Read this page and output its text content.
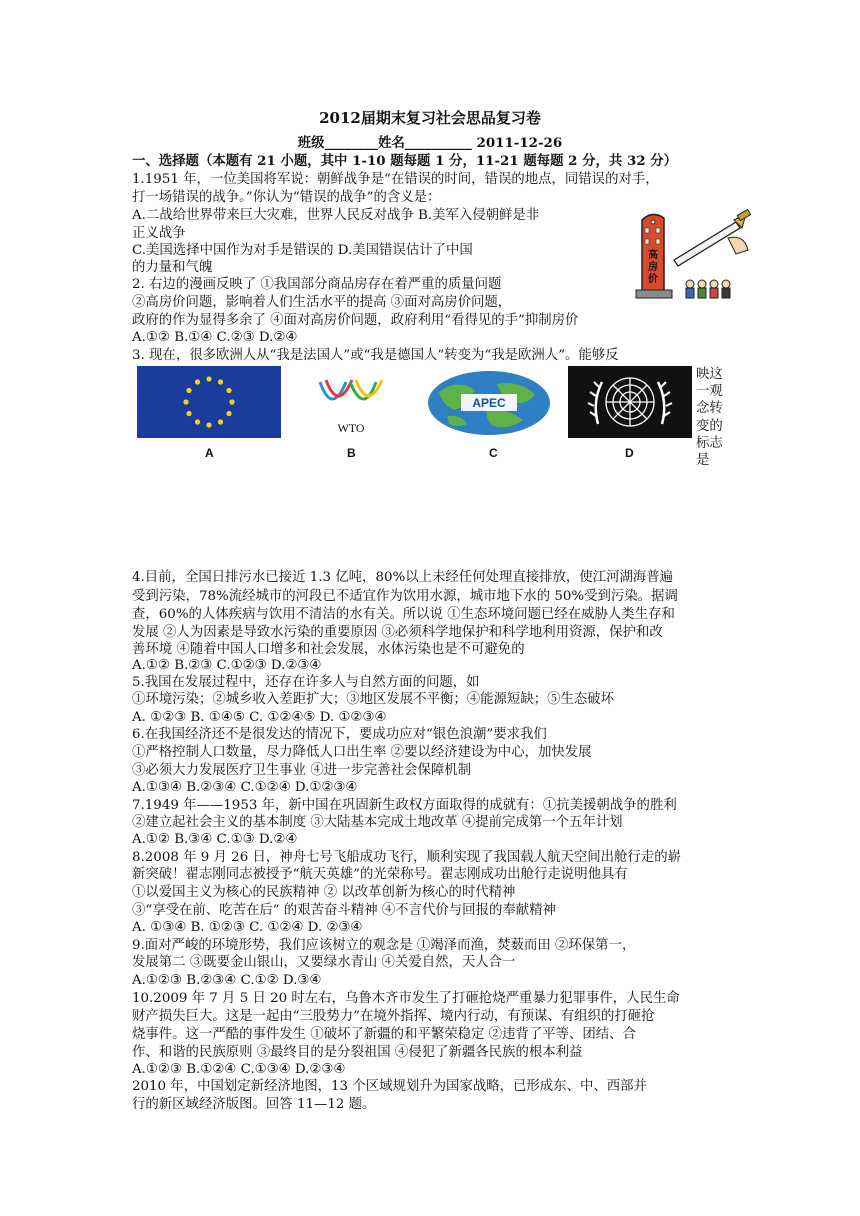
2012届期末复习社会思品复习卷
班级________姓名__________ 2011-12-26
一、选择题（本题有 21 小题，其中 1-10 题每题 1 分，11-21 题每题 2 分，共 32 分）
1.1951 年，一位美国将军说：朝鲜战争是“在错误的时间，错误的地点，同错误的对手，
打一场错误的战争。”你认为“错误的战争”的含义是：
A.二战给世界带来巨大灾难，世界人民反对战争 B.美军入侵朝鲜是非
正义战争
C.美国选择中国作为对手是错误的 D.美国错误估计了中国
的力量和气魄
高
房
价
2. 右边的漫画反映了 ①我国部分商品房存在着严重的质量问题
②高房价问题，影响着人们生活水平的提高 ③面对高房价问题，
政府的作为显得多余了 ④面对高房价问题，政府利用“看得见的手”抑制房价
A.①② B.①④ C.②③ D.②④
3. 现在，很多欧洲人从“我是法国人”或“我是德国人”转变为“我是欧洲人”。能够反
A
WTO
B
APEC
C	D
映这一观念转变的标志是
4.目前，全国日排污水已接近 1.3 亿吨，80%以上未经任何处理直接排放，使江河湖海普遍
受到污染，78%流经城市的河段已不适宜作为饮用水源，城市地下水的 50%受到污染。据调
查，60%的人体疾病与饮用不清洁的水有关。所以说 ①生态环境问题已经在威胁人类生存和
发展 ②人为因素是导致水污染的重要原因 ③必须科学地保护和科学地利用资源，保护和改
善环境 ④随着中国人口增多和社会发展，水体污染也是不可避免的
A.①② B.②③ C.①②③ D.②③④
5.我国在发展过程中，还存在许多人与自然方面的问题，如
①环境污染；②城乡收入差距扩大；③地区发展不平衡；④能源短缺；⑤生态破坏
A. ①②③ B. ①④⑤ C. ①②④⑤ D. ①②③④
6.在我国经济还不是很发达的情况下，要成功应对“银色浪潮”要求我们
①严格控制人口数量，尽力降低人口出生率 ②要以经济建设为中心，加快发展
③必须大力发展医疗卫生事业 ④进一步完善社会保障机制
A.①③④ B.②③④ C.①②④ D.①②③④
7.1949 年——1953 年，新中国在巩固新生政权方面取得的成就有：①抗美援朝战争的胜利
②建立起社会主义的基本制度 ③大陆基本完成土地改革 ④提前完成第一个五年计划
A.①② B.③④ C.①③ D.②④
8.2008 年 9 月 26 日，神舟七号飞船成功飞行，顺利实现了我国载人航天空间出舱行走的崭
新突破！翟志刚同志被授予“航天英雄”的光荣称号。翟志刚成功出舱行走说明他具有
①以爱国主义为核心的民族精神 ② 以改革创新为核心的时代精神
③“享受在前、吃苦在后” 的艰苦奋斗精神 ④不言代价与回报的奉献精神
A. ①③④ B. ①②③ C. ①②④ D. ②③④
9.面对严峻的环境形势，我们应该树立的观念是 ①竭泽而渔，焚薮而田 ②环保第一，
发展第二 ③既要金山银山，又要绿水青山 ④关爱自然，天人合一
A.①②③ B.②③④ C.①② D.③④
10.2009 年 7 月 5 日 20 时左右，乌鲁木齐市发生了打砸抢烧严重暴力犯罪事件，人民生命
财产损失巨大。这是一起由“三股势力”在境外指挥、境内行动，有预谋、有组织的打砸抢
烧事件。这一严酷的事件发生 ①破坏了新疆的和平繁荣稳定 ②违背了平等、团结、合
作、和谐的民族原则 ③最终目的是分裂祖国 ④侵犯了新疆各民族的根本利益
A.①②③ B.①②④ C.①③④ D.②③④
2010 年，中国划定新经济地图，13 个区域规划升为国家战略，已形成东、中、西部并
行的新区域经济版图。回答 11—12 题。
